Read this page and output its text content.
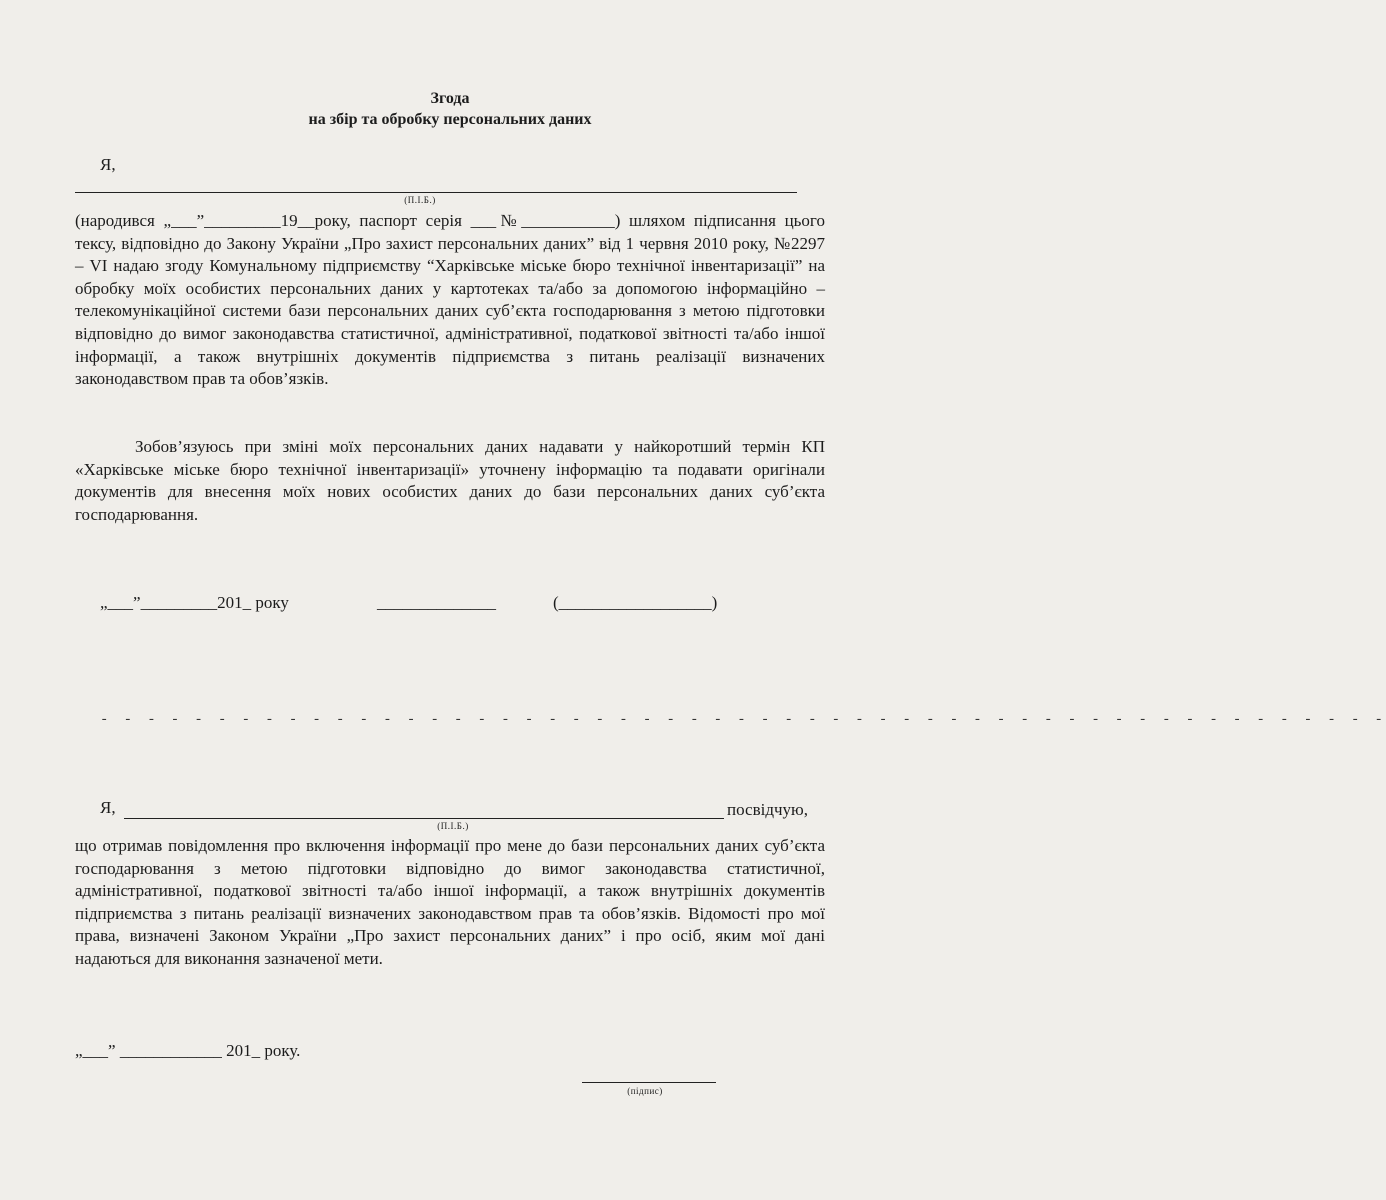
Згода
на збір та обробку персональних даних
Я,
(П.І.Б.)

(народився „___”_________19__року, паспорт серія ___№___________) шляхом підписання цього тексу, відповідно до Закону України „Про захист персональних даних” від 1 червня 2010 року, №2297 – VI надаю згоду Комунальному підприємству “Харківське міське бюро технічної інвентаризації” на обробку моїх особистих персональних даних у картотеках та/або за допомогою інформаційно – телекомунікаційної системи бази персональних даних суб’єкта господарювання з метою підготовки відповідно до вимог законодавства статистичної, адміністративної, податкової звітності та/або іншої інформації, а також внутрішніх документів підприємства з питань реалізації визначених законодавством прав та обов’язків.

Зобов’язуюсь при зміні моїх персональних даних надавати у найкоротший термін КП «Харківське міське бюро технічної інвентаризації» уточнену інформацію та подавати оригінали документів для внесення моїх нових особистих даних до бази персональних даних суб’єкта господарювання.

„___”_________201_ року	______________	(__________________)
- - - - - - - - - - - - - - - - - - - - - - - - - - - - - - - - - - - - - - - - - - - - - - - - - - - - - - -
Я,	посвідчую,
(П.І.Б.)

що отримав повідомлення про включення інформації про мене до бази персональних даних суб’єкта господарювання з метою підготовки відповідно до вимог законодавства статистичної, адміністративної, податкової звітності та/або іншої інформації, а також внутрішніх документів підприємства з питань реалізації визначених законодавством прав та обов’язків. Відомості про мої права, визначені Законом України „Про захист персональних даних” і про осіб, яким мої дані надаються для виконання зазначеної мети.

„___” ____________ 201_ року.
(підпис)
